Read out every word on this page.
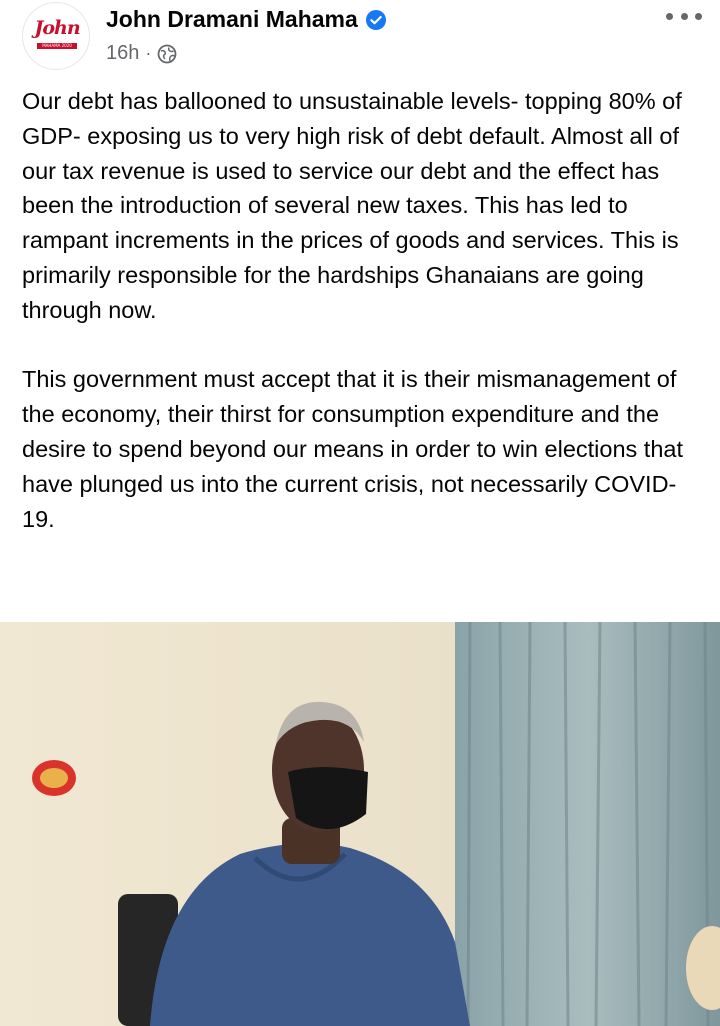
John
MAHAMA 2020
John Dramani Mahama
16h ·

Our debt has ballooned to unsustainable levels- topping 80% of GDP- exposing us to very high risk of debt default. Almost all of our tax revenue is used to service our debt and the effect has been the introduction of several new taxes. This has led to rampant increments in the prices of goods and services. This is primarily responsible for the hardships Ghanaians are going through now.

This government must accept that it is their mismanagement of the economy, their thirst for consumption expenditure and the desire to spend beyond our means in order to win elections that have plunged us into the current crisis, not necessarily COVID-19.
